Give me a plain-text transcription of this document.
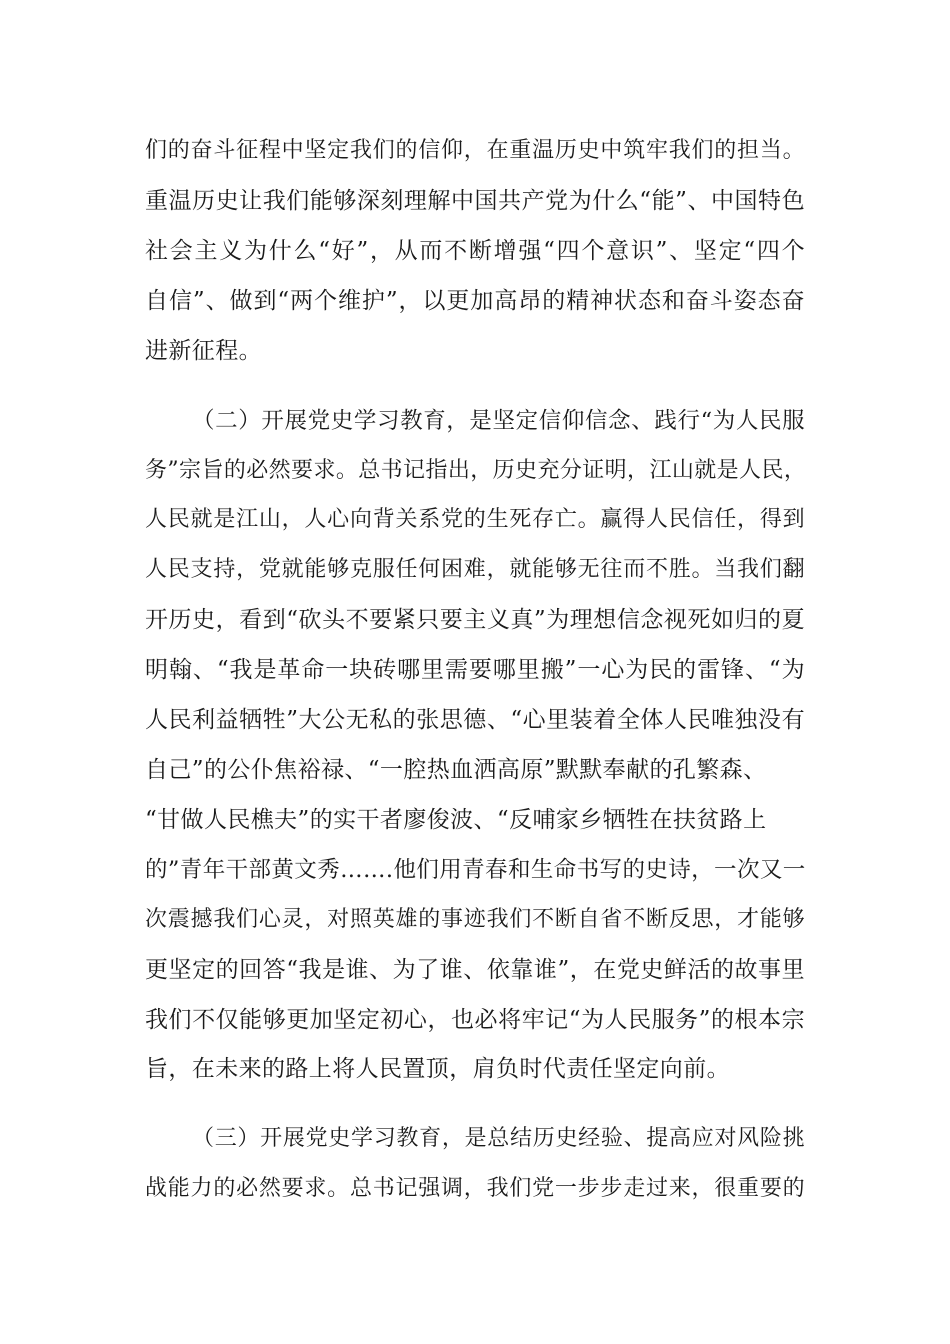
们的奋斗征程中坚定我们的信仰，在重温历史中筑牢我们的担当。
重温历史让我们能够深刻理解中国共产党为什么“能”、中国特色
社会主义为什么“好”，从而不断增强“四个意识”、坚定“四个
自信”、做到“两个维护”，以更加高昂的精神状态和奋斗姿态奋
进新征程。
（二）开展党史学习教育，是坚定信仰信念、践行“为人民服
务”宗旨的必然要求。总书记指出，历史充分证明，江山就是人民，
人民就是江山，人心向背关系党的生死存亡。赢得人民信任，得到
人民支持，党就能够克服任何困难，就能够无往而不胜。当我们翻
开历史，看到“砍头不要紧只要主义真”为理想信念视死如归的夏
明翰、“我是革命一块砖哪里需要哪里搬”一心为民的雷锋、“为
人民利益牺牲”大公无私的张思德、“心里装着全体人民唯独没有
自己”的公仆焦裕禄、“一腔热血洒高原”默默奉献的孔繁森、
“甘做人民樵夫”的实干者廖俊波、“反哺家乡牺牲在扶贫路上
的”青年干部黄文秀…….他们用青春和生命书写的史诗，一次又一
次震撼我们心灵，对照英雄的事迹我们不断自省不断反思，才能够
更坚定的回答“我是谁、为了谁、依靠谁”，在党史鲜活的故事里
我们不仅能够更加坚定初心，也必将牢记“为人民服务”的根本宗
旨，在未来的路上将人民置顶，肩负时代责任坚定向前。
（三）开展党史学习教育，是总结历史经验、提高应对风险挑
战能力的必然要求。总书记强调，我们党一步步走过来，很重要的
